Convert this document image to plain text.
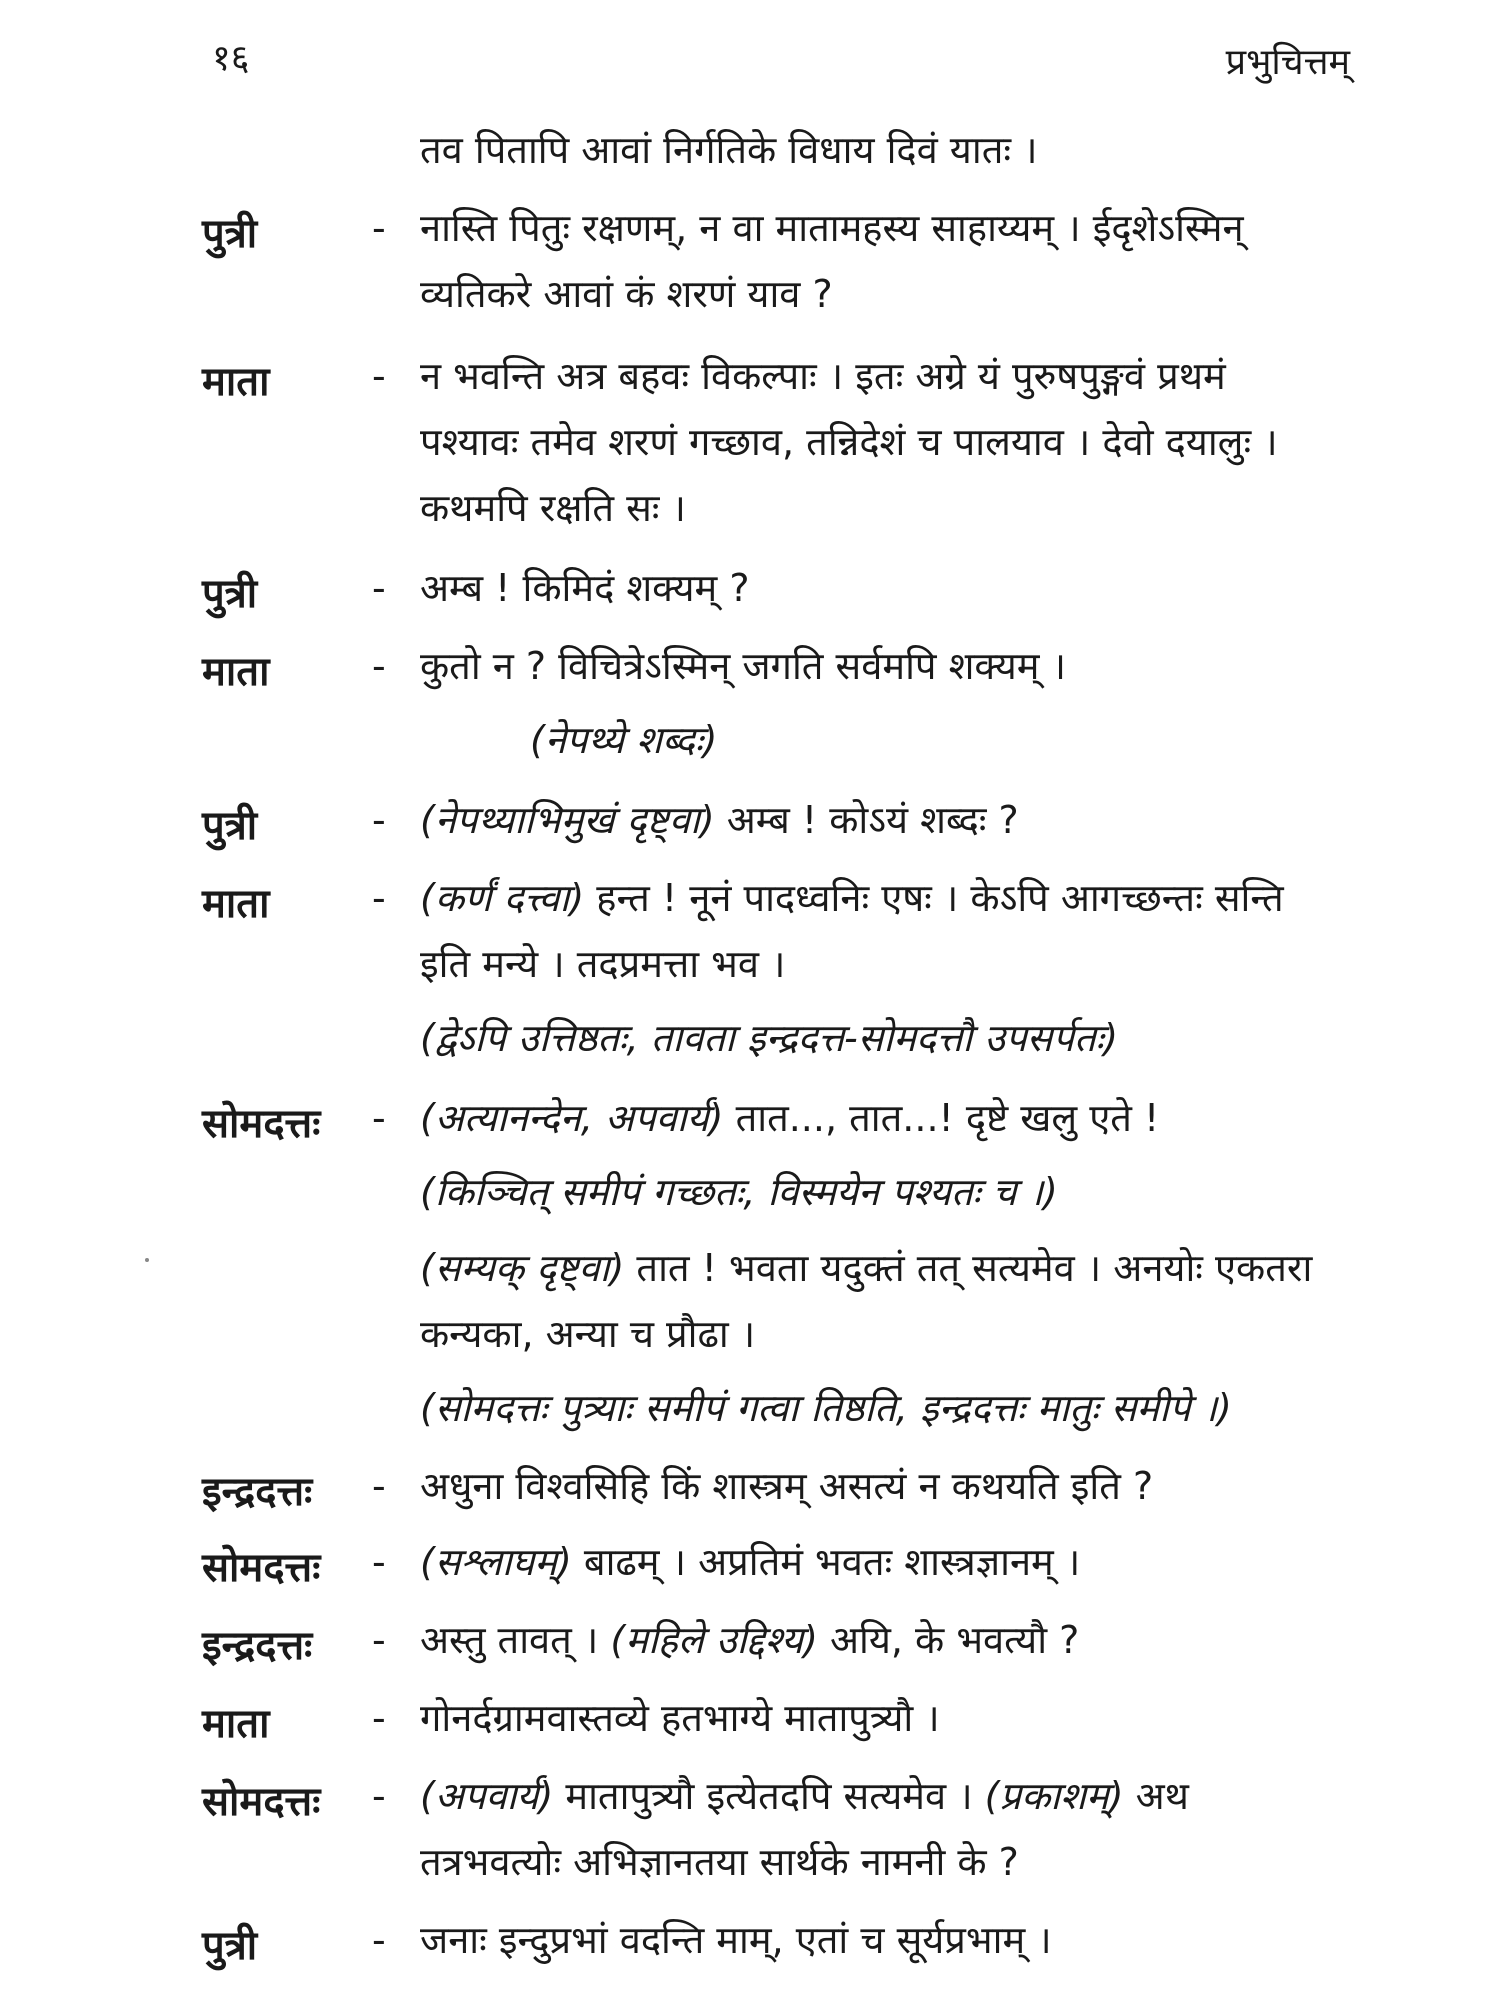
१६	प्रभुचित्तम्
तव पितापि आवां निर्गतिके विधाय दिवं यातः ।
पुत्री	- नास्ति पितुः रक्षणम्, न वा मातामहस्य साहाय्यम् । ईदृशेऽस्मिन्
व्यतिकरे आवां कं शरणं याव ?
माता	- न भवन्ति अत्र बहवः विकल्पाः । इतः अग्रे यं पुरुषपुङ्गवं प्रथमं
पश्यावः तमेव शरणं गच्छाव, तन्निदेशं च पालयाव । देवो दयालुः ।
कथमपि रक्षति सः ।
पुत्री	- अम्ब ! किमिदं शक्यम् ?
माता	- कुतो न ? विचित्रेऽस्मिन् जगति सर्वमपि शक्यम् ।
(नेपथ्ये शब्दः)
पुत्री	- (नेपथ्याभिमुखं दृष्ट्वा) अम्ब ! कोऽयं शब्दः ?
माता	- (कर्णं दत्त्वा) हन्त ! नूनं पादध्वनिः एषः । केऽपि आगच्छन्तः सन्ति
इति मन्ये । तदप्रमत्ता भव ।
(द्वेऽपि उत्तिष्ठतः, तावता इन्द्रदत्त-सोमदत्तौ उपसर्पतः)
सोमदत्तः - (अत्यानन्देन, अपवार्य) तात..., तात...! दृष्टे खलु एते !
(किञ्चित् समीपं गच्छतः, विस्मयेन पश्यतः च ।)
(सम्यक् दृष्ट्वा) तात ! भवता यदुक्तं तत् सत्यमेव । अनयोः एकतरा
कन्यका, अन्या च प्रौढा ।
(सोमदत्तः पुत्र्याः समीपं गत्वा तिष्ठति, इन्द्रदत्तः मातुः समीपे ।)
इन्द्रदत्तः - अधुना विश्वसिहि किं शास्त्रम् असत्यं न कथयति इति ?
सोमदत्तः - (सश्लाघम्) बाढम् । अप्रतिमं भवतः शास्त्रज्ञानम् ।
इन्द्रदत्तः - अस्तु तावत् । (महिले उद्दिश्य) अयि, के भवत्यौ ?
माता	- गोनर्दग्रामवास्तव्ये हतभाग्ये मातापुत्र्यौ ।
सोमदत्तः - (अपवार्य) मातापुत्र्यौ इत्येतदपि सत्यमेव । (प्रकाशम्) अथ
तत्रभवत्योः अभिज्ञानतया सार्थके नामनी के ?
पुत्री	- जनाः इन्दुप्रभां वदन्ति माम्, एतां च सूर्यप्रभाम् ।
